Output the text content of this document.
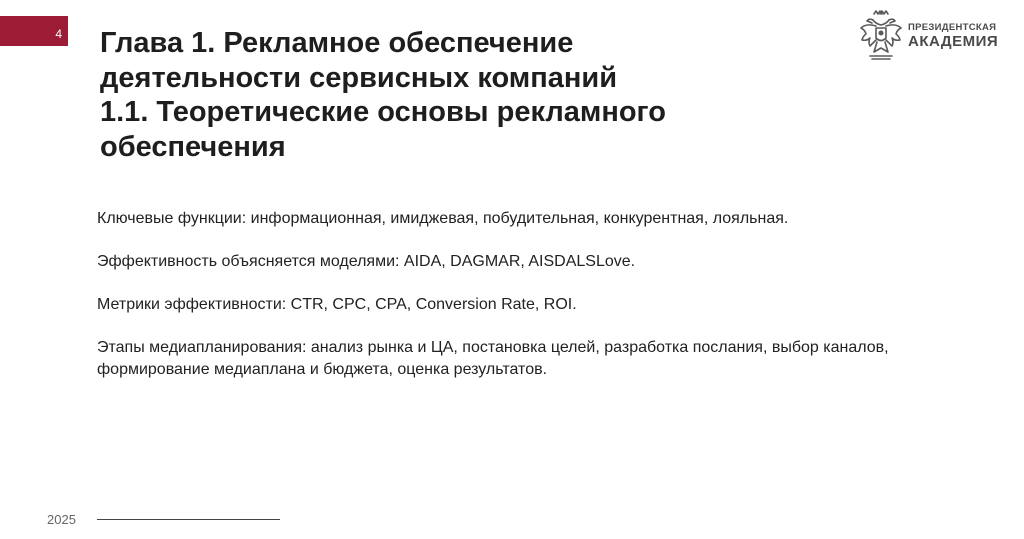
4 Глава 1. Рекламное обеспечение
деятельности сервисных компаний
1.1. Теоретические основы рекламного
обеспечения
ПРЕЗИДЕНТСКАЯ
АКАДЕМИЯ

Ключевые функции: информационная, имиджевая, побудительная, конкурентная, лояльная.

Эффективность объясняется моделями: AIDA, DAGMAR, AISDALSLove.

Метрики эффективности: CTR, CPC, CPA, Conversion Rate, ROI.

Этапы медиапланирования: анализ рынка и ЦА, постановка целей, разработка послания, выбор каналов, формирование медиаплана и бюджета, оценка результатов.

2025
